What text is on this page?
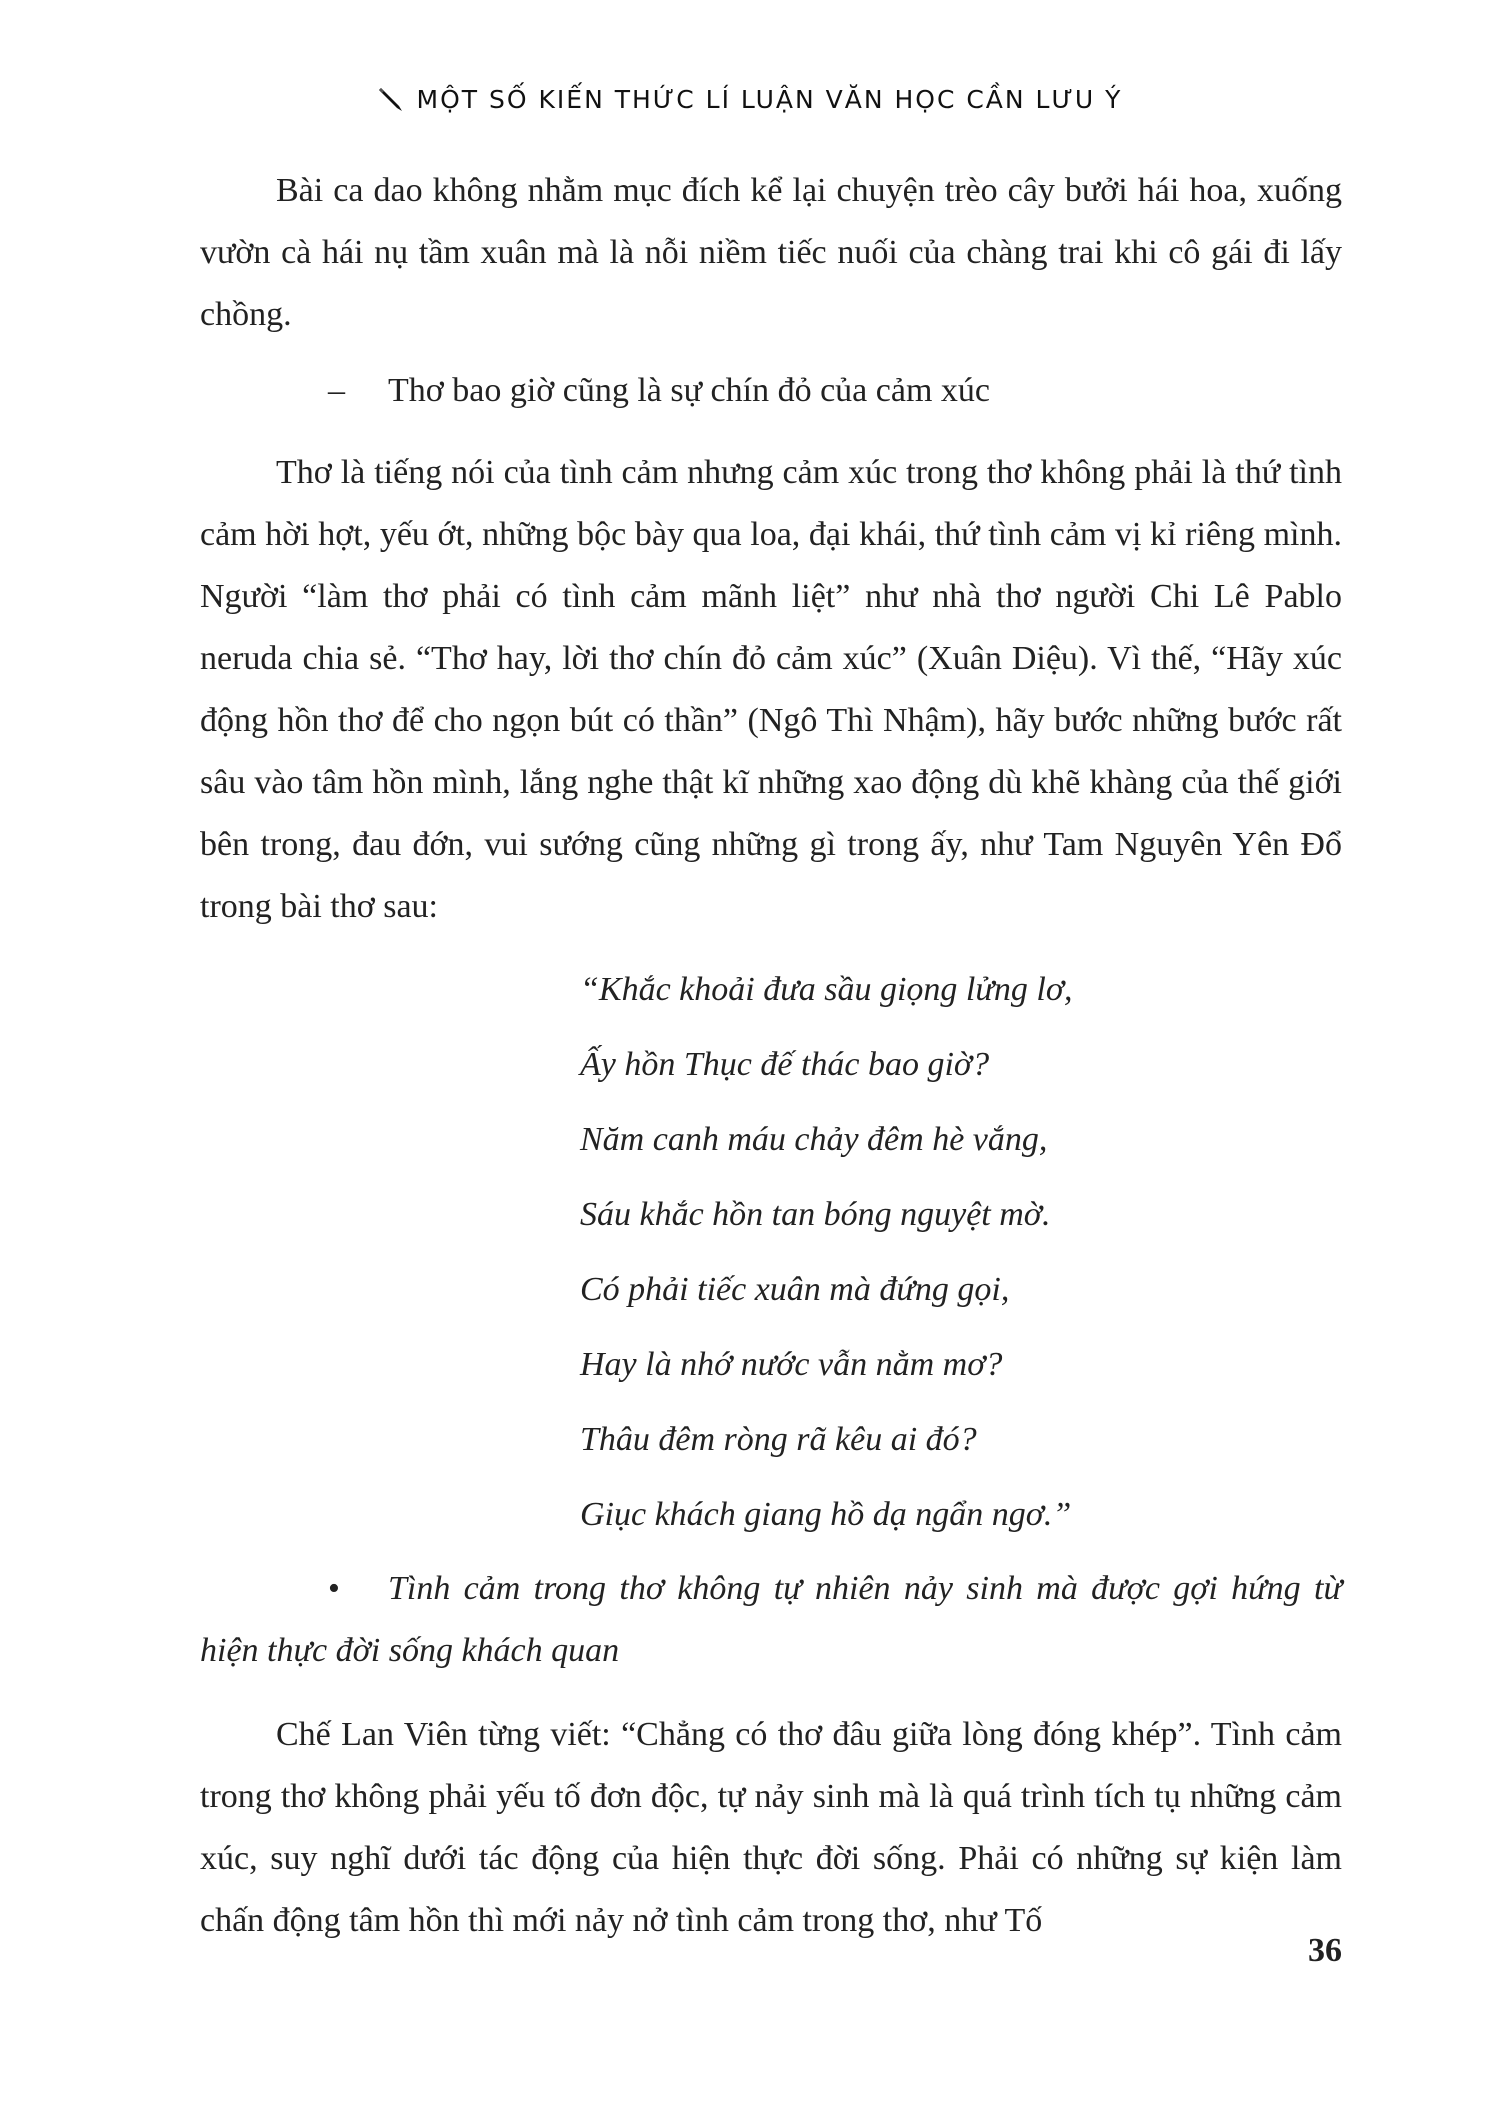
MỘT SỐ KIẾN THỨC LÍ LUẬN VĂN HỌC CẦN LƯU Ý

Bài ca dao không nhằm mục đích kể lại chuyện trèo cây bưởi hái hoa, xuống vườn cà hái nụ tầm xuân mà là nỗi niềm tiếc nuối của chàng trai khi cô gái đi lấy chồng.

–	Thơ bao giờ cũng là sự chín đỏ của cảm xúc

Thơ là tiếng nói của tình cảm nhưng cảm xúc trong thơ không phải là thứ tình cảm hời hợt, yếu ớt, những bộc bày qua loa, đại khái, thứ tình cảm vị kỉ riêng mình. Người “làm thơ phải có tình cảm mãnh liệt” như nhà thơ người Chi Lê Pablo neruda chia sẻ. “Thơ hay, lời thơ chín đỏ cảm xúc” (Xuân Diệu). Vì thế, “Hãy xúc động hồn thơ để cho ngọn bút có thần” (Ngô Thì Nhậm), hãy bước những bước rất sâu vào tâm hồn mình, lắng nghe thật kĩ những xao động dù khẽ khàng của thế giới bên trong, đau đớn, vui sướng cũng những gì trong ấy, như Tam Nguyên Yên Đổ trong bài thơ sau:

“Khắc khoải đưa sầu giọng lửng lơ,
Ấy hồn Thục đế thác bao giờ?
Năm canh máu chảy đêm hè vắng,
Sáu khắc hồn tan bóng nguyệt mờ.
Có phải tiếc xuân mà đứng gọi,
Hay là nhớ nước vẫn nằm mơ?
Thâu đêm ròng rã kêu ai đó?
Giục khách giang hồ dạ ngẩn ngơ.”

• Tình cảm trong thơ không tự nhiên nảy sinh mà được gợi hứng từ hiện thực đời sống khách quan

Chế Lan Viên từng viết: “Chẳng có thơ đâu giữa lòng đóng khép”. Tình cảm trong thơ không phải yếu tố đơn độc, tự nảy sinh mà là quá trình tích tụ những cảm xúc, suy nghĩ dưới tác động của hiện thực đời sống. Phải có những sự kiện làm chấn động tâm hồn thì mới nảy nở tình cảm trong thơ, như Tố

36
